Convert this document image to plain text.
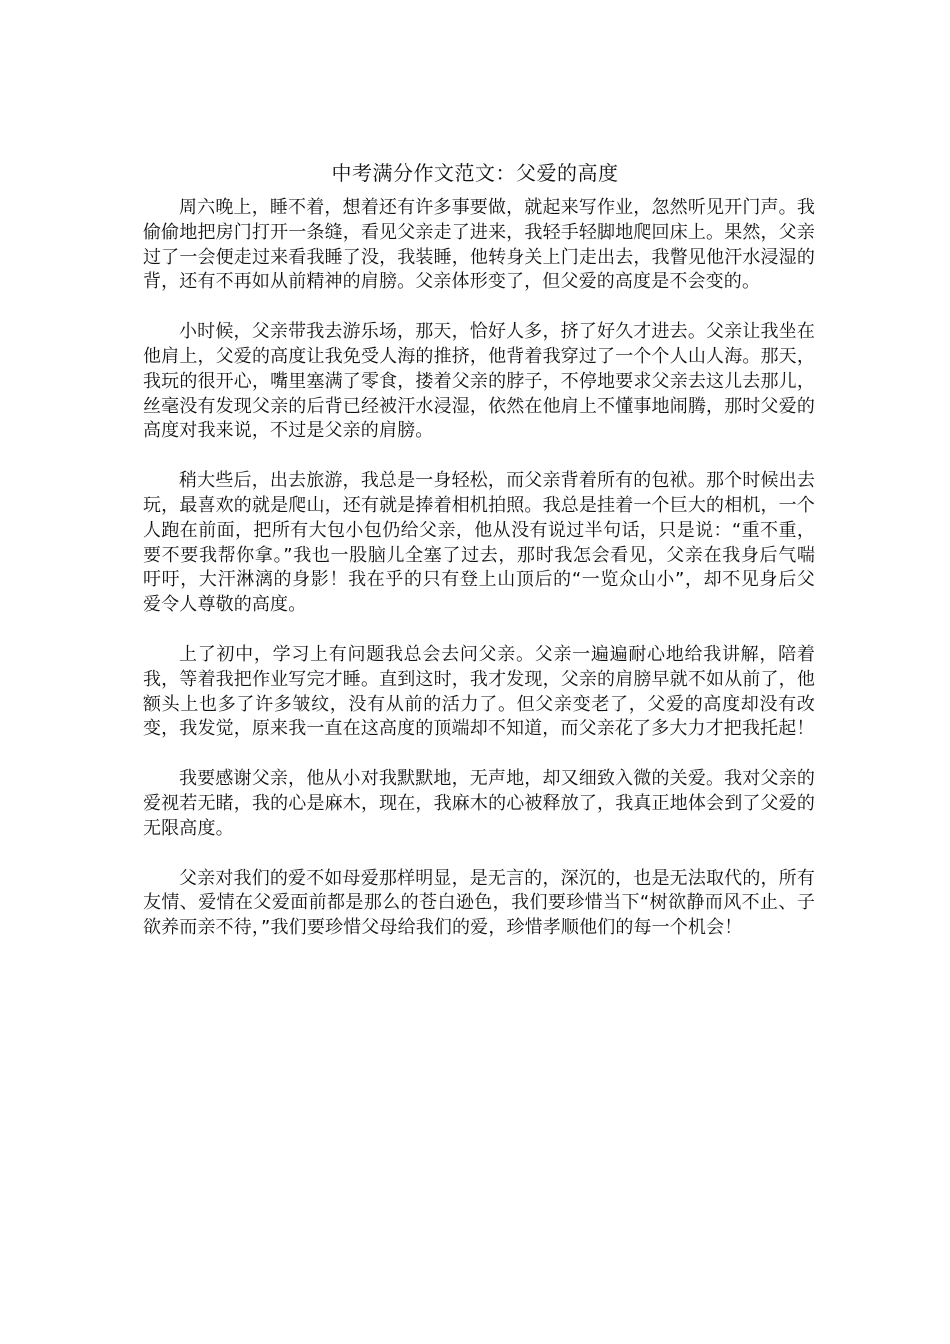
中考满分作文范文：父爱的高度

周六晚上，睡不着，想着还有许多事要做，就起来写作业，忽然听见开门声。我偷偷地把房门打开一条缝，看见父亲走了进来，我轻手轻脚地爬回床上。果然，父亲过了一会便走过来看我睡了没，我装睡，他转身关上门走出去，我瞥见他汗水浸湿的背，还有不再如从前精神的肩膀。父亲体形变了，但父爱的高度是不会变的。

小时候，父亲带我去游乐场，那天，恰好人多，挤了好久才进去。父亲让我坐在他肩上，父爱的高度让我免受人海的推挤，他背着我穿过了一个个人山人海。那天，我玩的很开心，嘴里塞满了零食，搂着父亲的脖子，不停地要求父亲去这儿去那儿，丝毫没有发现父亲的后背已经被汗水浸湿，依然在他肩上不懂事地闹腾，那时父爱的高度对我来说，不过是父亲的肩膀。

稍大些后，出去旅游，我总是一身轻松，而父亲背着所有的包袱。那个时候出去玩，最喜欢的就是爬山，还有就是捧着相机拍照。我总是挂着一个巨大的相机，一个人跑在前面，把所有大包小包仍给父亲，他从没有说过半句话，只是说：“重不重，要不要我帮你拿。”我也一股脑儿全塞了过去，那时我怎会看见，父亲在我身后气喘吁吁，大汗淋漓的身影！我在乎的只有登上山顶后的“一览众山小”，却不见身后父爱令人尊敬的高度。

上了初中，学习上有问题我总会去问父亲。父亲一遍遍耐心地给我讲解，陪着我，等着我把作业写完才睡。直到这时，我才发现，父亲的肩膀早就不如从前了，他额头上也多了许多皱纹，没有从前的活力了。但父亲变老了，父爱的高度却没有改变，我发觉，原来我一直在这高度的顶端却不知道，而父亲花了多大力才把我托起！

我要感谢父亲，他从小对我默默地，无声地，却又细致入微的关爱。我对父亲的爱视若无睹，我的心是麻木，现在，我麻木的心被释放了，我真正地体会到了父爱的无限高度。

父亲对我们的爱不如母爱那样明显，是无言的，深沉的，也是无法取代的，所有友情、爱情在父爱面前都是那么的苍白逊色，我们要珍惜当下“树欲静而风不止、子欲养而亲不待，”我们要珍惜父母给我们的爱，珍惜孝顺他们的每一个机会！
